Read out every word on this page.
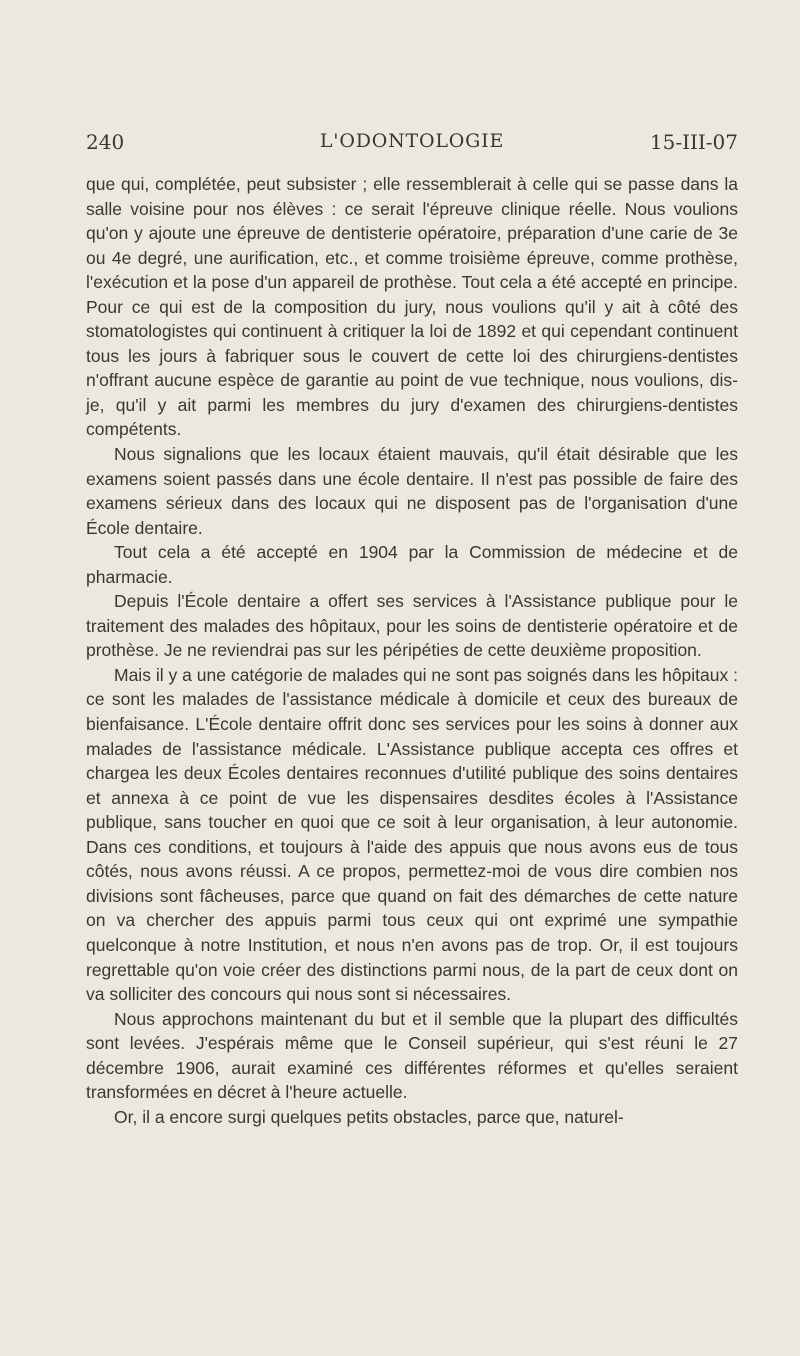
240	L'ODONTOLOGIE	15-III-07

que qui, complétée, peut subsister ; elle ressemblerait à celle qui se passe dans la salle voisine pour nos élèves : ce serait l'épreuve clinique réelle. Nous voulions qu'on y ajoute une épreuve de dentisterie opératoire, préparation d'une carie de 3e ou 4e degré, une aurification, etc., et comme troisième épreuve, comme prothèse, l'exécution et la pose d'un appareil de prothèse. Tout cela a été accepté en principe. Pour ce qui est de la composition du jury, nous voulions qu'il y ait à côté des stomatologistes qui continuent à critiquer la loi de 1892 et qui cependant continuent tous les jours à fabriquer sous le couvert de cette loi des chirurgiens-dentistes n'offrant aucune espèce de garantie au point de vue technique, nous voulions, dis-je, qu'il y ait parmi les membres du jury d'examen des chirurgiens-dentistes compétents.

Nous signalions que les locaux étaient mauvais, qu'il était désirable que les examens soient passés dans une école dentaire. Il n'est pas possible de faire des examens sérieux dans des locaux qui ne disposent pas de l'organisation d'une École dentaire.

Tout cela a été accepté en 1904 par la Commission de médecine et de pharmacie.

Depuis l'École dentaire a offert ses services à l'Assistance publique pour le traitement des malades des hôpitaux, pour les soins de dentisterie opératoire et de prothèse. Je ne reviendrai pas sur les péripéties de cette deuxième proposition.

Mais il y a une catégorie de malades qui ne sont pas soignés dans les hôpitaux : ce sont les malades de l'assistance médicale à domicile et ceux des bureaux de bienfaisance. L'École dentaire offrit donc ses services pour les soins à donner aux malades de l'assistance médicale. L'Assistance publique accepta ces offres et chargea les deux Écoles dentaires reconnues d'utilité publique des soins dentaires et annexa à ce point de vue les dispensaires desdites écoles à l'Assistance publique, sans toucher en quoi que ce soit à leur organisation, à leur autonomie. Dans ces conditions, et toujours à l'aide des appuis que nous avons eus de tous côtés, nous avons réussi. A ce propos, permettez-moi de vous dire combien nos divisions sont fâcheuses, parce que quand on fait des démarches de cette nature on va chercher des appuis parmi tous ceux qui ont exprimé une sympathie quelconque à notre Institution, et nous n'en avons pas de trop. Or, il est toujours regrettable qu'on voie créer des distinctions parmi nous, de la part de ceux dont on va solliciter des concours qui nous sont si nécessaires.

Nous approchons maintenant du but et il semble que la plupart des difficultés sont levées. J'espérais même que le Conseil supérieur, qui s'est réuni le 27 décembre 1906, aurait examiné ces différentes réformes et qu'elles seraient transformées en décret à l'heure actuelle.

Or, il a encore surgi quelques petits obstacles, parce que, naturel-
